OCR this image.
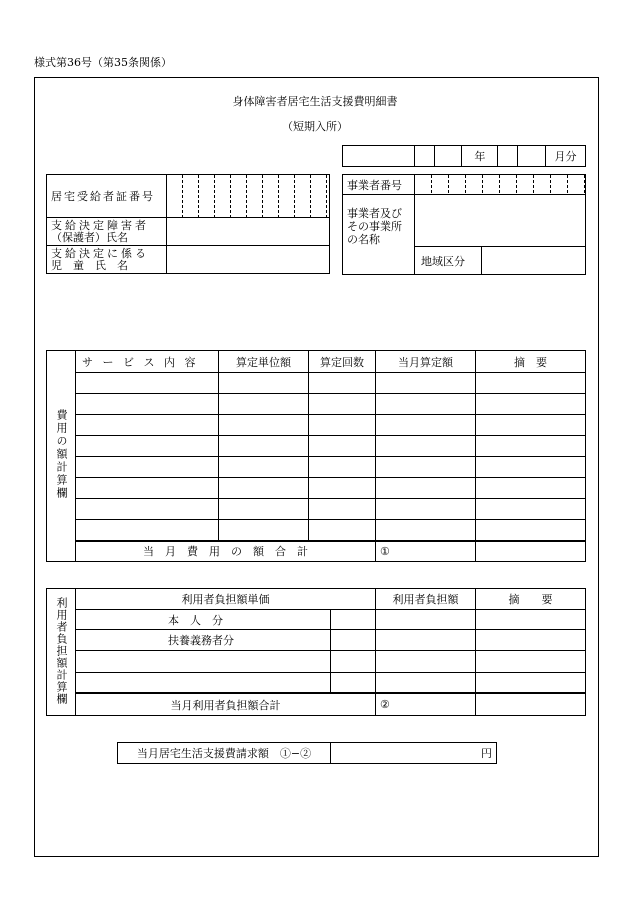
様式第36号（第35条関係）
身体障害者居宅生活支援費明細書
（短期入所）
			年			月分
居宅受給者証番号	

支給決定障害者
（保護者）氏名	

支給決定に係る
児　童　氏　名	

事業者番号	

事業者及び
その事業所
の名称	

	地域区分
費用の額計算欄	サ ー ビ ス 内 容	算定単位額	算定回数	当月算定額	摘　要

	当　月　費　用　の　額　合　計			①	
利用者負担額計算欄	利用者負担額単価		利用者負担額	摘　　要
	本　人　分			
	扶養義務者分			

	当月利用者負担額合計		②	
当月居宅生活支援費請求額　①−②	円
